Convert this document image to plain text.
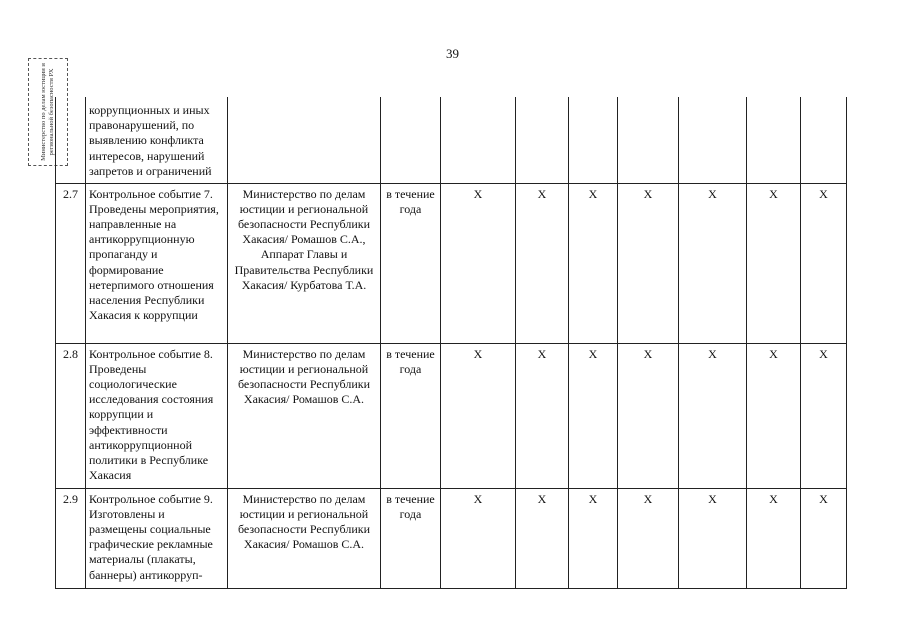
39
Министерство по делам юстиции и региональной безопасности РХ

	коррупционных и иных правонарушений, по выявлению конфликта интересов, нарушений запретов и ограничений									

2.7	Контрольное событие 7. Проведены мероприятия, направленные на антикоррупционную пропаганду и формирование нетерпимого отношения населения Республики Хакасия к коррупции	Министерство по делам юстиции и региональной безопасности Республики Хакасия/ Ромашов С.А., Аппарат Главы и Правительства Республики Хакасия/ Курбатова Т.А.	в течение года	X	X	X	X	X	X	X
2.8	Контрольное событие 8. Проведены социологические исследования состояния коррупции и эффективности антикоррупционной политики в Республике Хакасия	Министерство по делам юстиции и региональной безопасности Республики Хакасия/ Ромашов С.А.	в течение года	X	X	X	X	X	X	X
2.9	Контрольное событие 9. Изготовлены и размещены социальные графические рекламные материалы (плакаты, баннеры) антикорруп-	Министерство по делам юстиции и региональной безопасности Республики Хакасия/ Ромашов С.А.	в течение года	X	X	X	X	X	X	X
